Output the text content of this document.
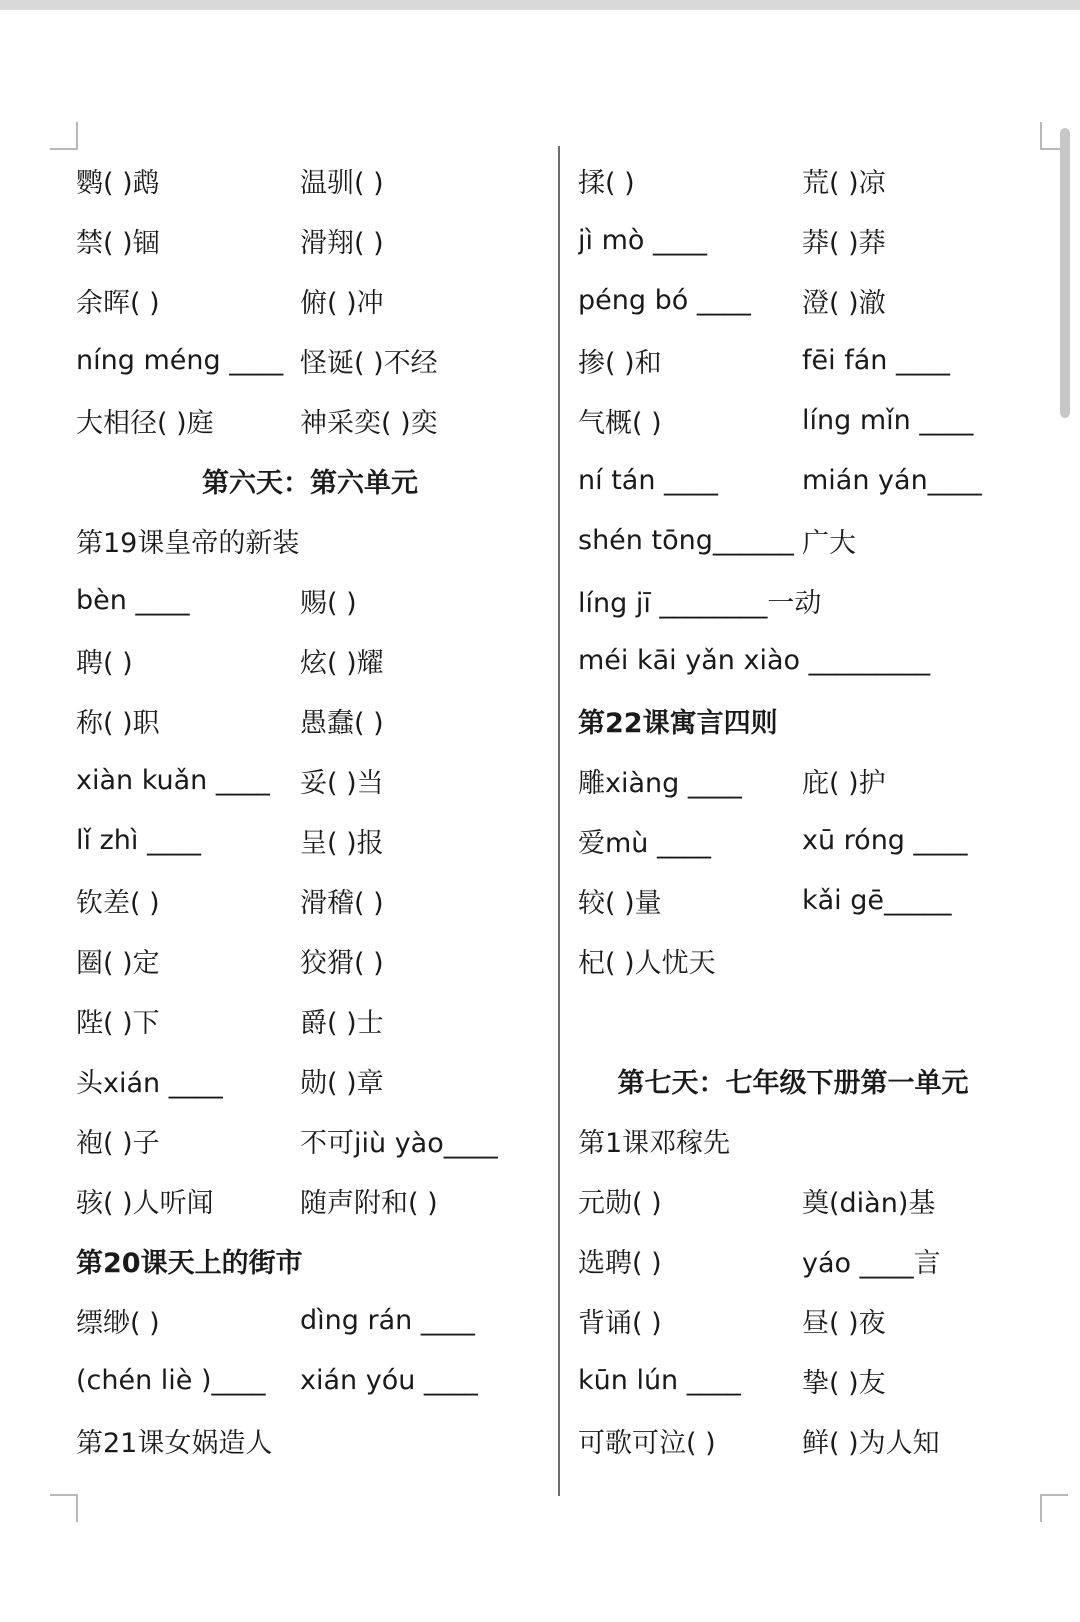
鹦( )鹉	温驯( )
禁( )锢	滑翔( )
余晖( )	俯( )冲
níng méng ____ 怪诞( )不经
大相径( )庭	神采奕( )奕
第六天：第六单元
第19课皇帝的新装
bèn ____	赐( )
聘( )	炫( )耀
称( )职	愚蠢( )
xiàn kuǎn ____	妥( )当
lǐ zhì ____	呈( )报
钦差( )	滑稽( )
圈( )定	狡猾( )
陛( )下	爵( )士
头xián ____	勋( )章
袍( )子	不可jiù yào____
骇( )人听闻	随声附和( )
第20课天上的街市
缥缈( )	dìng rán ____
(chén liè )____	xián yóu ____
第21课女娲造人
揉( )	荒( )凉
jì mò ____	莽( )莽
péng bó ____	澄( )澈
掺( )和	fēi fán ____
气概( )	líng mǐn ____
ní tán ____	mián yán____
shén tōng______ 广大
líng jī ________一动
méi kāi yǎn xiào _________
第22课寓言四则
雕xiàng ____	庇( )护
爱mù ____	xū róng ____
较( )量	kǎi gē_____
杞( )人忧天
第七天：七年级下册第一单元
第1课邓稼先
元勋( )	奠(diàn)基
选聘( )	yáo ____言
背诵( )	昼( )夜
kūn lún ____	挚( )友
可歌可泣( )	鲜( )为人知
